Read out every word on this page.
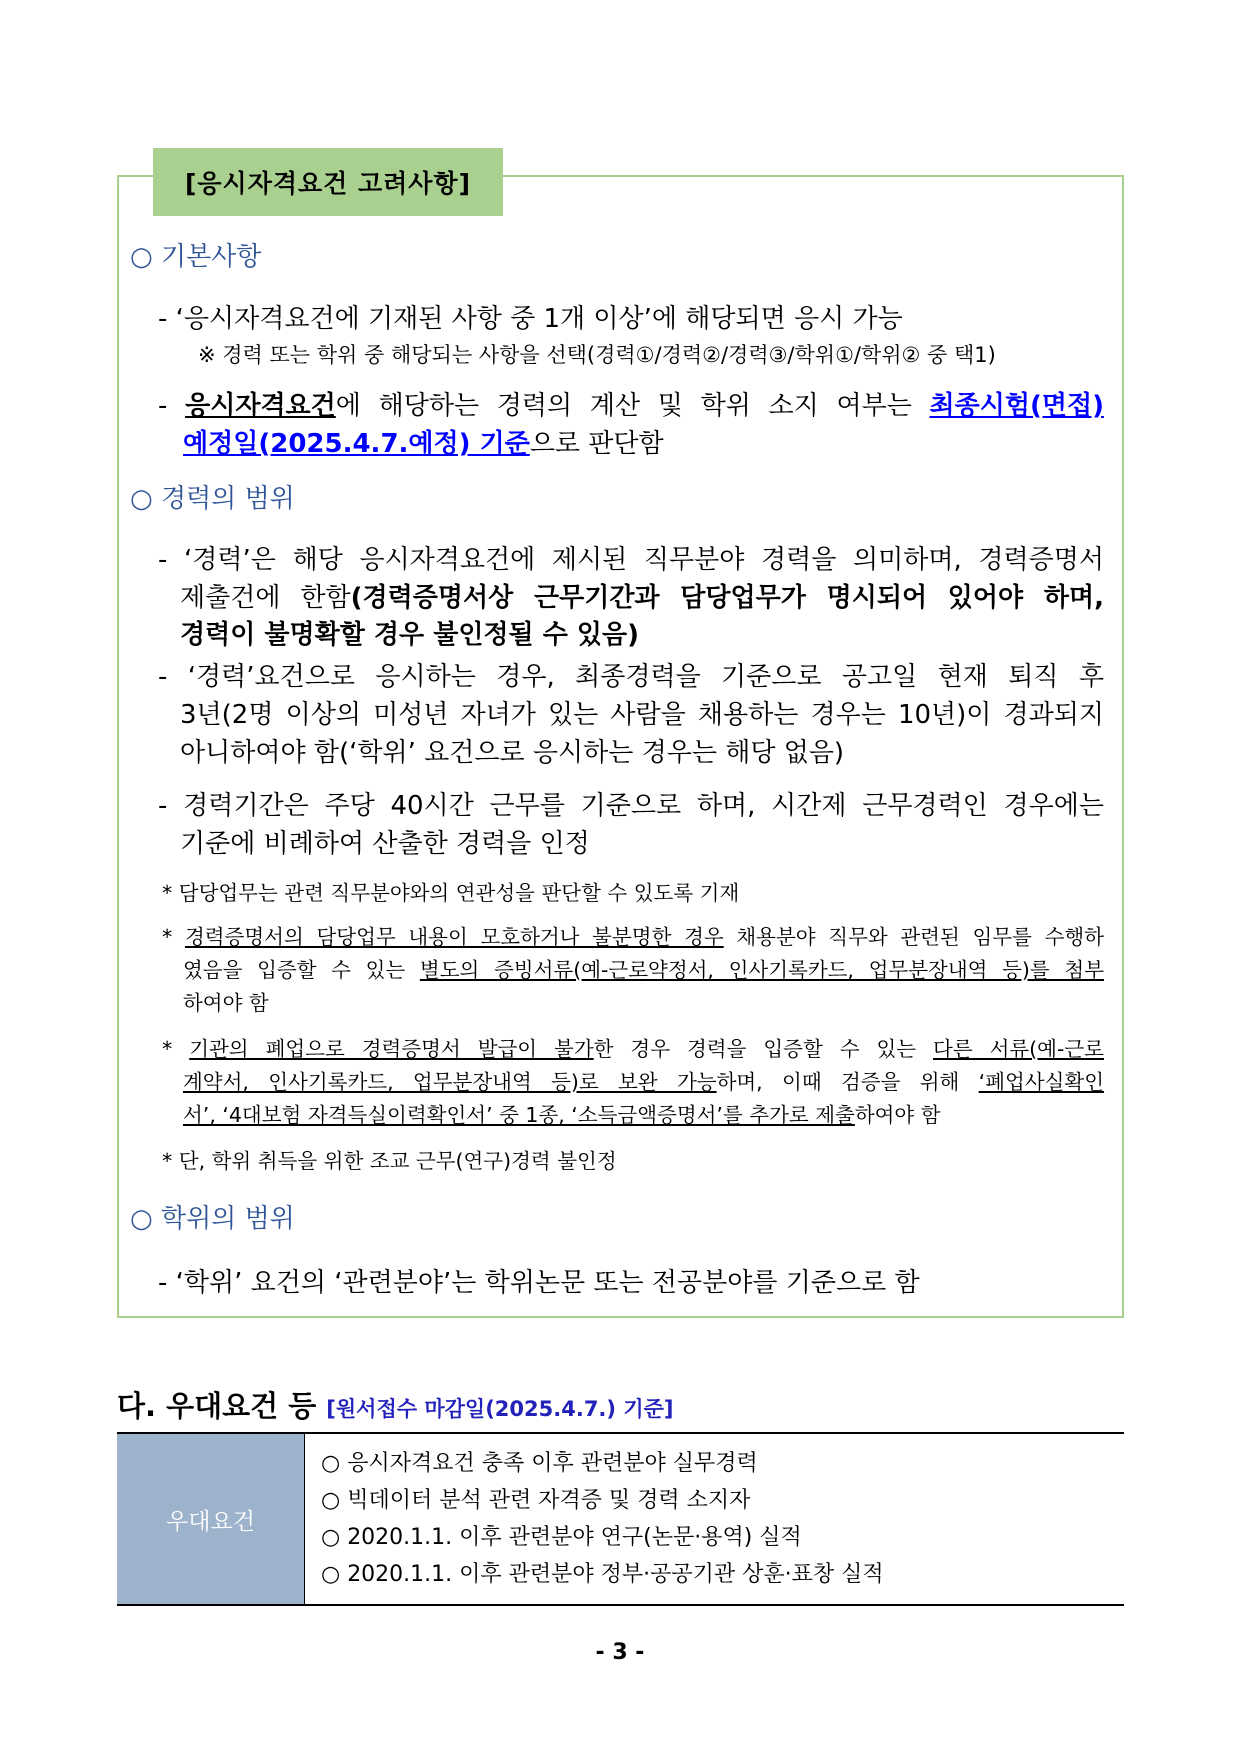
[응시자격요건 고려사항]
○ 기본사항
- ‘응시자격요건에 기재된 사항 중 1개 이상’에 해당되면 응시 가능
※ 경력 또는 학위 중 해당되는 사항을 선택(경력①/경력②/경력③/학위①/학위② 중 택1)
- 응시자격요건에 해당하는 경력의 계산 및 학위 소지 여부는 최종시험(면접)
예정일(2025.4.7.예정) 기준으로 판단함
○ 경력의 범위
- ‘경력’은 해당 응시자격요건에 제시된 직무분야 경력을 의미하며, 경력증명서
제출건에 한함(경력증명서상 근무기간과 담당업무가 명시되어 있어야 하며,
경력이 불명확할 경우 불인정될 수 있음)
- ‘경력’요건으로 응시하는 경우, 최종경력을 기준으로 공고일 현재 퇴직 후
3년(2명 이상의 미성년 자녀가 있는 사람을 채용하는 경우는 10년)이 경과되지
아니하여야 함(‘학위’ 요건으로 응시하는 경우는 해당 없음)
- 경력기간은 주당 40시간 근무를 기준으로 하며, 시간제 근무경력인 경우에는
기준에 비례하여 산출한 경력을 인정
* 담당업무는 관련 직무분야와의 연관성을 판단할 수 있도록 기재
* 경력증명서의 담당업무 내용이 모호하거나 불분명한 경우 채용분야 직무와 관련된 임무를 수행하
였음을 입증할 수 있는 별도의 증빙서류(예-근로약정서, 인사기록카드, 업무분장내역 등)를 첨부
하여야 함
* 기관의 폐업으로 경력증명서 발급이 불가한 경우 경력을 입증할 수 있는 다른 서류(예-근로
계약서, 인사기록카드, 업무분장내역 등)로 보완 가능하며, 이때 검증을 위해 ‘폐업사실확인
서’, ‘4대보험 자격득실이력확인서’ 중 1종, ‘소득금액증명서’를 추가로 제출하여야 함
* 단, 학위 취득을 위한 조교 근무(연구)경력 불인정
○ 학위의 범위
- ‘학위’ 요건의 ‘관련분야’는 학위논문 또는 전공분야를 기준으로 함
다. 우대요건 등 [원서접수 마감일(2025.4.7.) 기준]
우대요건	
○ 응시자격요건 충족 이후 관련분야 실무경력
○ 빅데이터 분석 관련 자격증 및 경력 소지자
○ 2020.1.1. 이후 관련분야 연구(논문·용역) 실적
○ 2020.1.1. 이후 관련분야 정부·공공기관 상훈·표창 실적
- 3 -
